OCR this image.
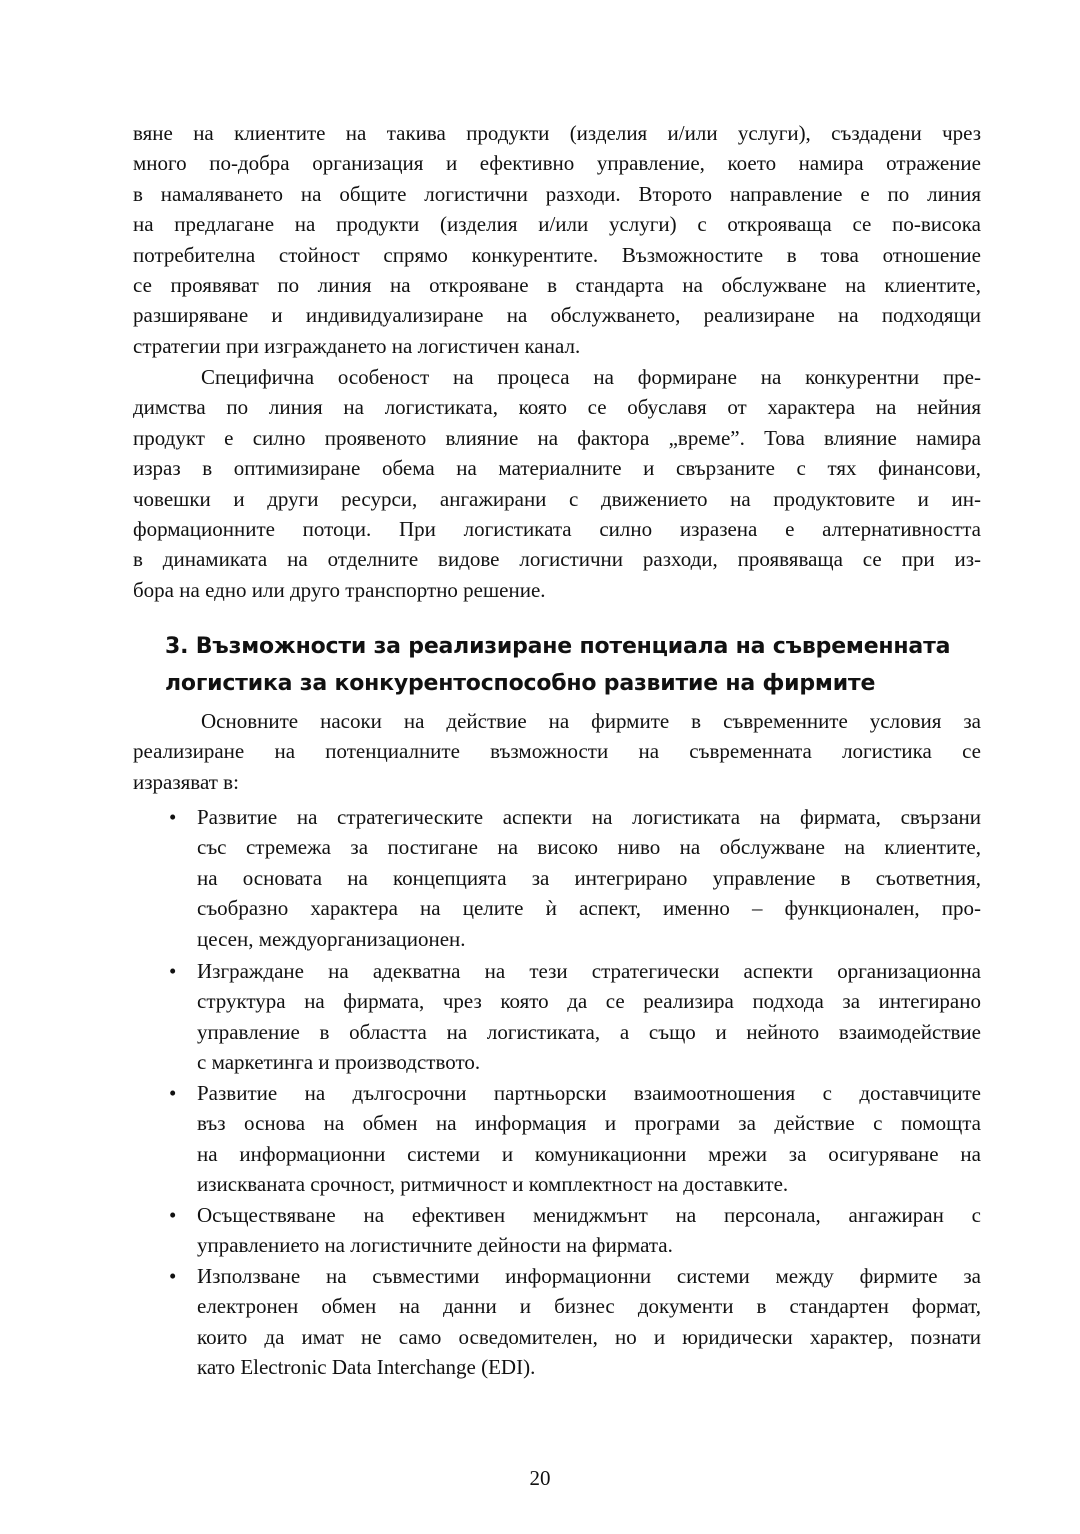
вяне на клиентите на такива продукти (изделия и/или услуги), създадени чрез
много по-добра организация и ефективно управление, което намира отражение
в намаляването на общите логистични разходи. Второто направление е по линия
на предлагане на продукти (изделия и/или услуги) с открояваща се по-висока
потребителна стойност спрямо конкурентите. Възможностите в това отношение
се проявяват по линия на открояване в стандарта на обслужване на клиентите,
разширяване и индивидуализиране на обслужването, реализиране на подходящи
стратегии при изграждането на логистичен канал.
Специфична особеност на процеса на формиране на конкурентни пре-
димства по линия на логистиката, която се обуславя от характера на нейния
продукт е силно проявеното влияние на фактора „време”. Това влияние намира
израз в оптимизиране обема на материалните и свързаните с тях финансови,
човешки и други ресурси, ангажирани с движението на продуктовите и ин-
формационните потоци. При логистиката силно изразена е алтернативността
в динамиката на отделните видове логистични разходи, проявяваща се при из-
бора на едно или друго транспортно решение.
3. Възможности за реализиране потенциала на съвременната
логистика за конкурентоспособно развитие на фирмите
Основните насоки на действие на фирмите в съвременните условия за
реализиране на потенциалните възможности на съвременната логистика се
изразяват в:
• Развитие на стратегическите аспекти на логистиката на фирмата, свързани
със стремежа за постигане на високо ниво на обслужване на клиентите,
на основата на концепцията за интегрирано управление в съответния,
съобразно характера на целите ѝ аспект, именно – функционален, про-
цесен, междуорганизационен.
• Изграждане на адекватна на тези стратегически аспекти организационна
структура на фирмата, чрез която да се реализира подхода за интегирано
управление в областта на логистиката, а също и нейното взаимодействие
с маркетинга и производството.
• Развитие на дългосрочни партньорски взаимоотношения с доставчиците
въз основа на обмен на информация и програми за действие с помощта
на информационни системи и комуникационни мрежи за осигуряване на
изискваната срочност, ритмичност и комплектност на доставките.
• Осъществяване на ефективен мениджмънт на персонала, ангажиран с
управлението на логистичните дейности на фирмата.
• Използване на съвместими информационни системи между фирмите за
електронен обмен на данни и бизнес документи в стандартен формат,
които да имат не само осведомителен, но и юридически характер, познати
като Electronic Data Interchange (EDI).
20
